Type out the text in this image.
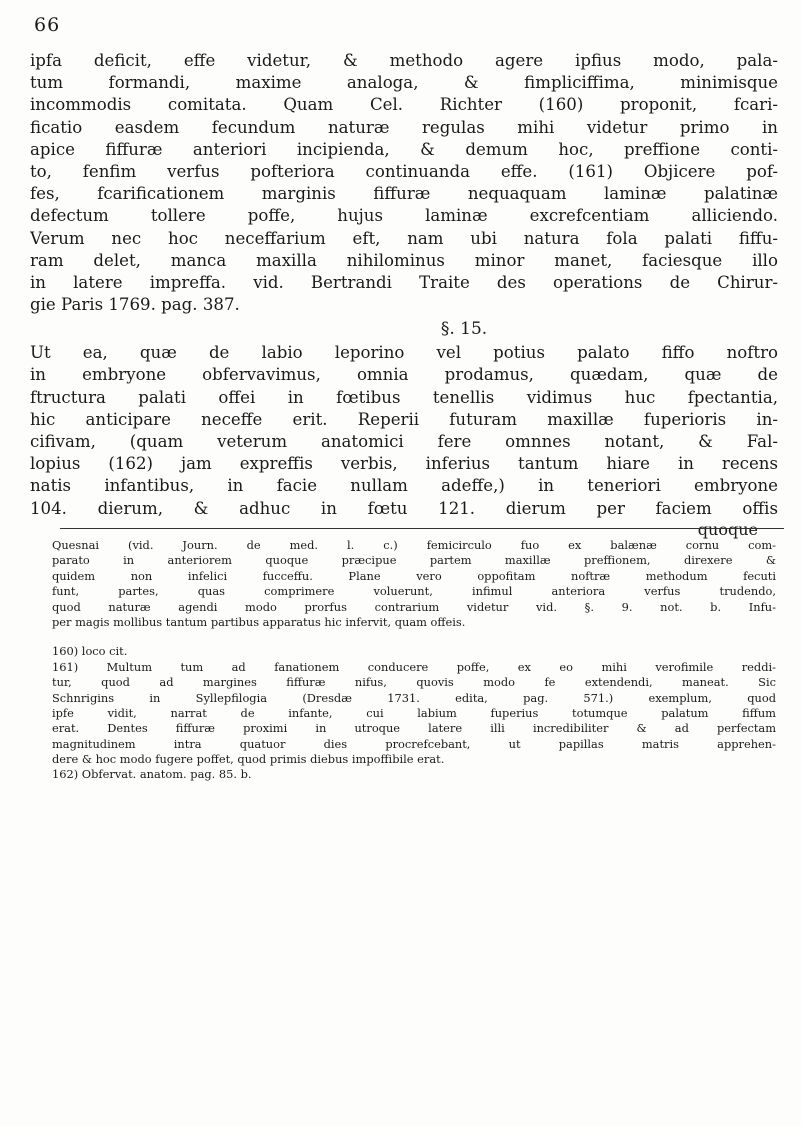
66
ipfa deficit, effe videtur, & methodo agere ipfius modo, pala-
tum formandi, maxime analoga, & fimpliciffima, minimisque
incommodis comitata. Quam Cel. Richter (160) proponit, fcari-
ficatio easdem fecundum naturæ regulas mihi videtur primo in
apice fiffuræ anteriori incipienda, & demum hoc, preffione conti-
to, fenfim verfus pofteriora continuanda effe. (161) Objicere pof-
fes, fcarificationem marginis fiffuræ nequaquam laminæ palatinæ
defectum tollere poffe, hujus laminæ excrefcentiam alliciendo.
Verum nec hoc neceffarium eft, nam ubi natura fola palati fiffu-
ram delet, manca maxilla nihilominus minor manet, faciesque illo
in latere impreffa. vid. Bertrandi Traite des operations de Chirur-
gie Paris 1769. pag. 387.
§. 15.
Ut ea, quæ de labio leporino vel potius palato fiffo noftro
in embryone obfervavimus, omnia prodamus, quædam, quæ de
ftructura palati offei in fœtibus tenellis vidimus huc fpectantia,
hic anticipare neceffe erit. Reperii futuram maxillæ fuperioris in-
cifivam, (quam veterum anatomici fere omnnes notant, & Fal-
lopius (162) jam expreffis verbis, inferius tantum hiare in recens
natis infantibus, in facie nullam adeffe,) in teneriori embryone
104. dierum, & adhuc in fœtu 121. dierum per faciem offis
quoque
Quesnai (vid. Journ. de med. l. c.) femicirculo fuo ex balænæ cornu com-
parato in anteriorem quoque præcipue partem maxillæ preffionem, direxere &
quidem non infelici fucceffu. Plane vero oppofitam noftræ methodum fecuti
funt, partes, quas comprimere voluerunt, infimul anteriora verfus trudendo,
quod naturæ agendi modo prorfus contrarium videtur vid. §. 9. not. b. Infu-
per magis mollibus tantum partibus apparatus hic infervit, quam offeis.
160) loco cit.
161) Multum tum ad fanationem conducere poffe, ex eo mihi verofimile reddi-
tur, quod ad margines fiffuræ nifus, quovis modo fe extendendi, maneat. Sic
Schnrigins in Syllepfilogia (Dresdæ 1731. edita, pag. 571.) exemplum, quod
ipfe vidit, narrat de infante, cui labium fuperius totumque palatum fiffum
erat. Dentes fiffuræ proximi in utroque latere illi incredibiliter & ad perfectam
magnitudinem intra quatuor dies procrefcebant, ut papillas matris apprehen-
dere & hoc modo fugere poffet, quod primis diebus impoffibile erat.
162) Obfervat. anatom. pag. 85. b.
